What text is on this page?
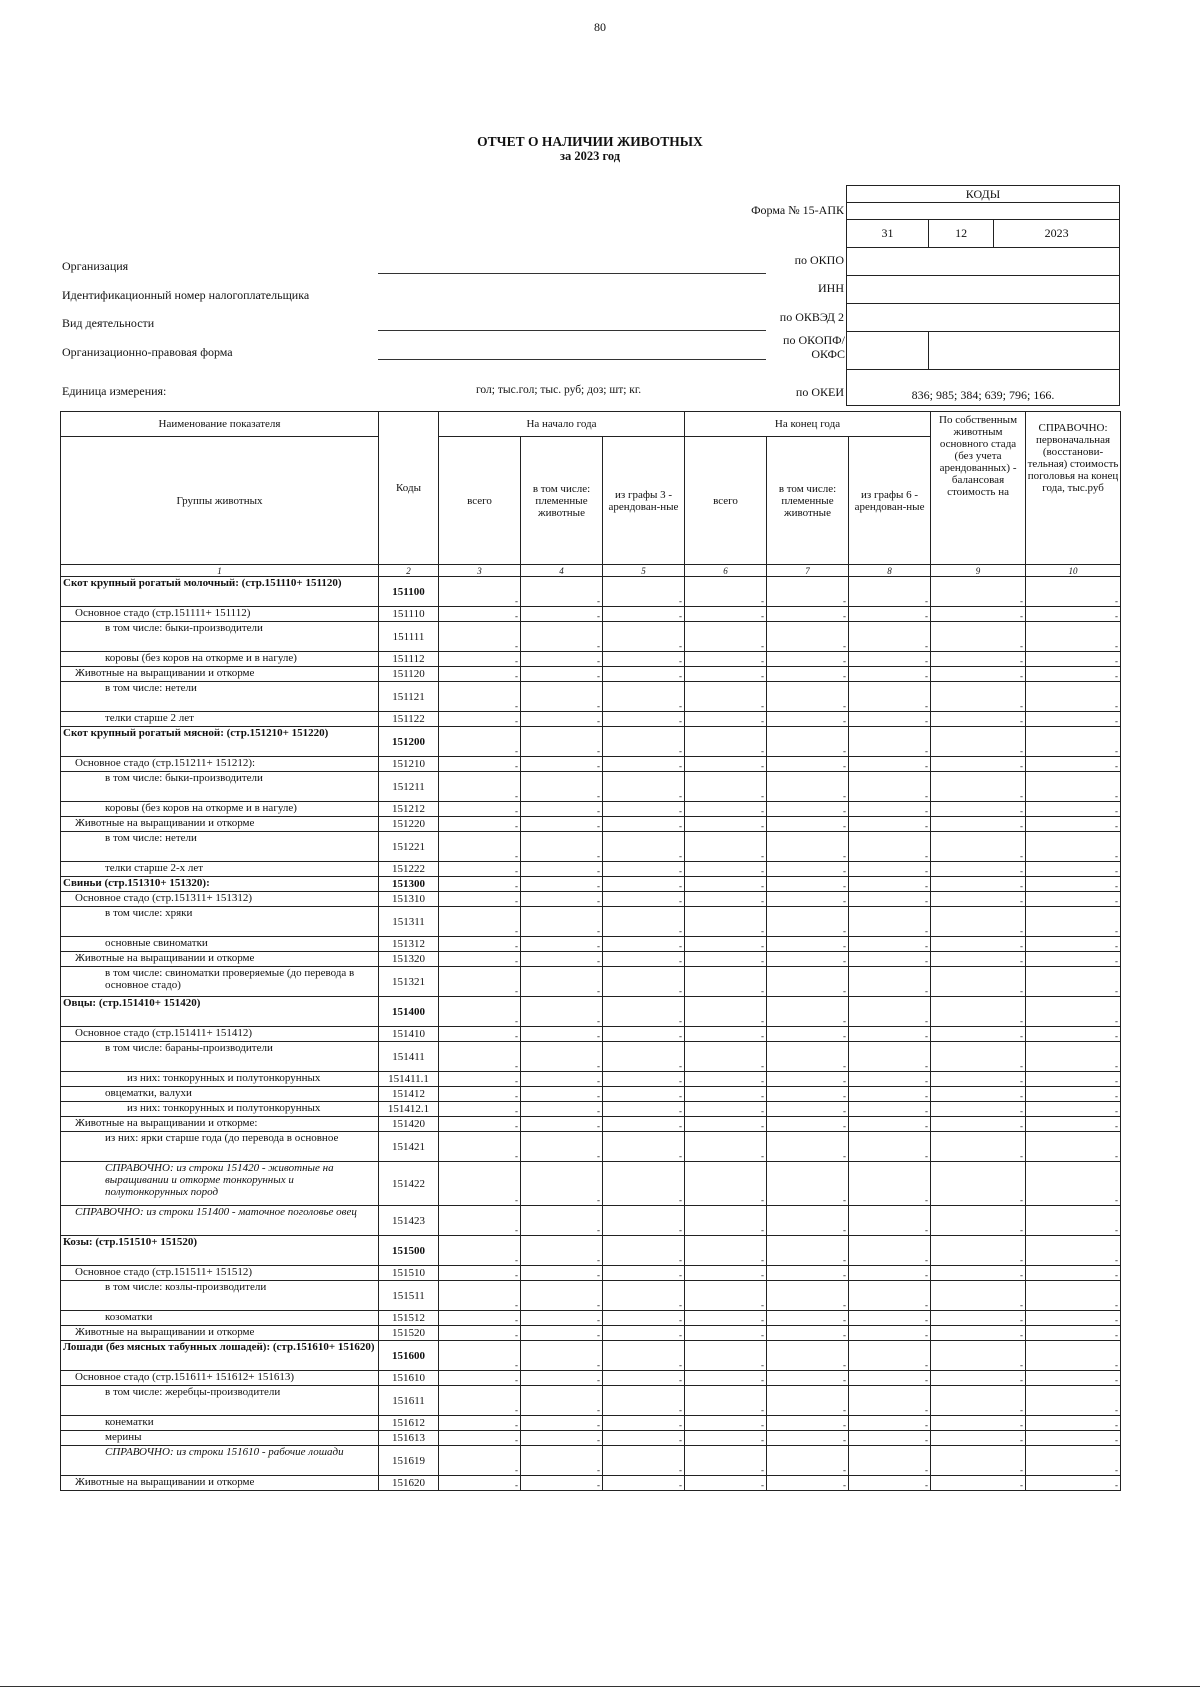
80
ОТЧЕТ О НАЛИЧИИ ЖИВОТНЫХ
за 2023 год
Форма № 15-АПК
по ОКПО
ИНН
по ОКВЭД 2
по ОКОПФ/ ОКФС
по ОКЕИ
КОДЫ		

31	12	2023

836; 985; 384; 639; 796; 166.		
Организация
Идентификационный номер налогоплательщика
Вид деятельности
Организационно-правовая форма
Единица измерения:	гол; тыс.гол; тыс. руб; доз; шт; кг.
Наименование показателя	Коды	На начало года			На конец года			По собственным животным основного стада (без учета арендованных) - балансовая стоимость на	СПРАВОЧНО: первоначальная (восстанови-тельная) стоимость поголовья на конец года, тыс.руб
Группы животных		всего	в том числе: племенные животные	из графы 3 - арендован-ные	всего	в том числе: племенные животные	из графы 6 - арендован-ные		
1	2	3	4	5	6	7	8	9	10
Скот крупный рогатый молочный: (стр.151110+ 151120)	151100	-	-	-	-	-	-	-	-
Основное стадо (стр.151111+ 151112)	151110	-	-	-	-	-	-	-	-
в том числе: быки-производители	151111	-	-	-	-	-	-	-	-
коровы (без коров на откорме и в нагуле)	151112	-	-	-	-	-	-	-	-
Животные на выращивании и откорме	151120	-	-	-	-	-	-	-	-
в том числе: нетели	151121	-	-	-	-	-	-	-	-
телки старше 2 лет	151122	-	-	-	-	-	-	-	-
Скот крупный рогатый мясной: (стр.151210+ 151220)	151200	-	-	-	-	-	-	-	-
Основное стадо (стр.151211+ 151212):	151210	-	-	-	-	-	-	-	-
в том числе: быки-производители	151211	-	-	-	-	-	-	-	-
коровы (без коров на откорме и в нагуле)	151212	-	-	-	-	-	-	-	-
Животные на выращивании и откорме	151220	-	-	-	-	-	-	-	-
в том числе: нетели	151221	-	-	-	-	-	-	-	-
телки старше 2-х лет	151222	-	-	-	-	-	-	-	-
Свиньи (стр.151310+ 151320):	151300	-	-	-	-	-	-	-	-
Основное стадо (стр.151311+ 151312)	151310	-	-	-	-	-	-	-	-
в том числе: хряки	151311	-	-	-	-	-	-	-	-
основные свиноматки	151312	-	-	-	-	-	-	-	-
Животные на выращивании и откорме	151320	-	-	-	-	-	-	-	-
в том числе: свиноматки проверяемые (до перевода в основное стадо)	151321	-	-	-	-	-	-	-	-
Овцы: (стр.151410+ 151420)	151400	-	-	-	-	-	-	-	-
Основное стадо (стр.151411+ 151412)	151410	-	-	-	-	-	-	-	-
в том числе: бараны-производители	151411	-	-	-	-	-	-	-	-
из них: тонкорунных и полутонкорунных	151411.1	-	-	-	-	-	-	-	-
овцематки, валухи	151412	-	-	-	-	-	-	-	-
из них: тонкорунных и полутонкорунных	151412.1	-	-	-	-	-	-	-	-
Животные на выращивании и откорме:	151420	-	-	-	-	-	-	-	-
из них: ярки старше года (до перевода в основное	151421	-	-	-	-	-	-	-	-
СПРАВОЧНО: из строки 151420 - животные на выращивании и откорме тонкорунных и полутонкорунных пород	151422	-	-	-	-	-	-	-	-
СПРАВОЧНО: из строки 151400 - маточное поголовье овец	151423	-	-	-	-	-	-	-	-
Козы: (стр.151510+ 151520)	151500	-	-	-	-	-	-	-	-
Основное стадо (стр.151511+ 151512)	151510	-	-	-	-	-	-	-	-
в том числе: козлы-производители	151511	-	-	-	-	-	-	-	-
козоматки	151512	-	-	-	-	-	-	-	-
Животные на выращивании и откорме	151520	-	-	-	-	-	-	-	-
Лошади (без мясных табунных лошадей): (стр.151610+ 151620)	151600	-	-	-	-	-	-	-	-
Основное стадо (стр.151611+ 151612+ 151613)	151610	-	-	-	-	-	-	-	-
в том числе: жеребцы-производители	151611	-	-	-	-	-	-	-	-
конематки	151612	-	-	-	-	-	-	-	-
мерины	151613	-	-	-	-	-	-	-	-
СПРАВОЧНО: из строки 151610 - рабочие лошади	151619	-	-	-	-	-	-	-	-
Животные на выращивании и откорме	151620	-	-	-	-	-	-	-	-
